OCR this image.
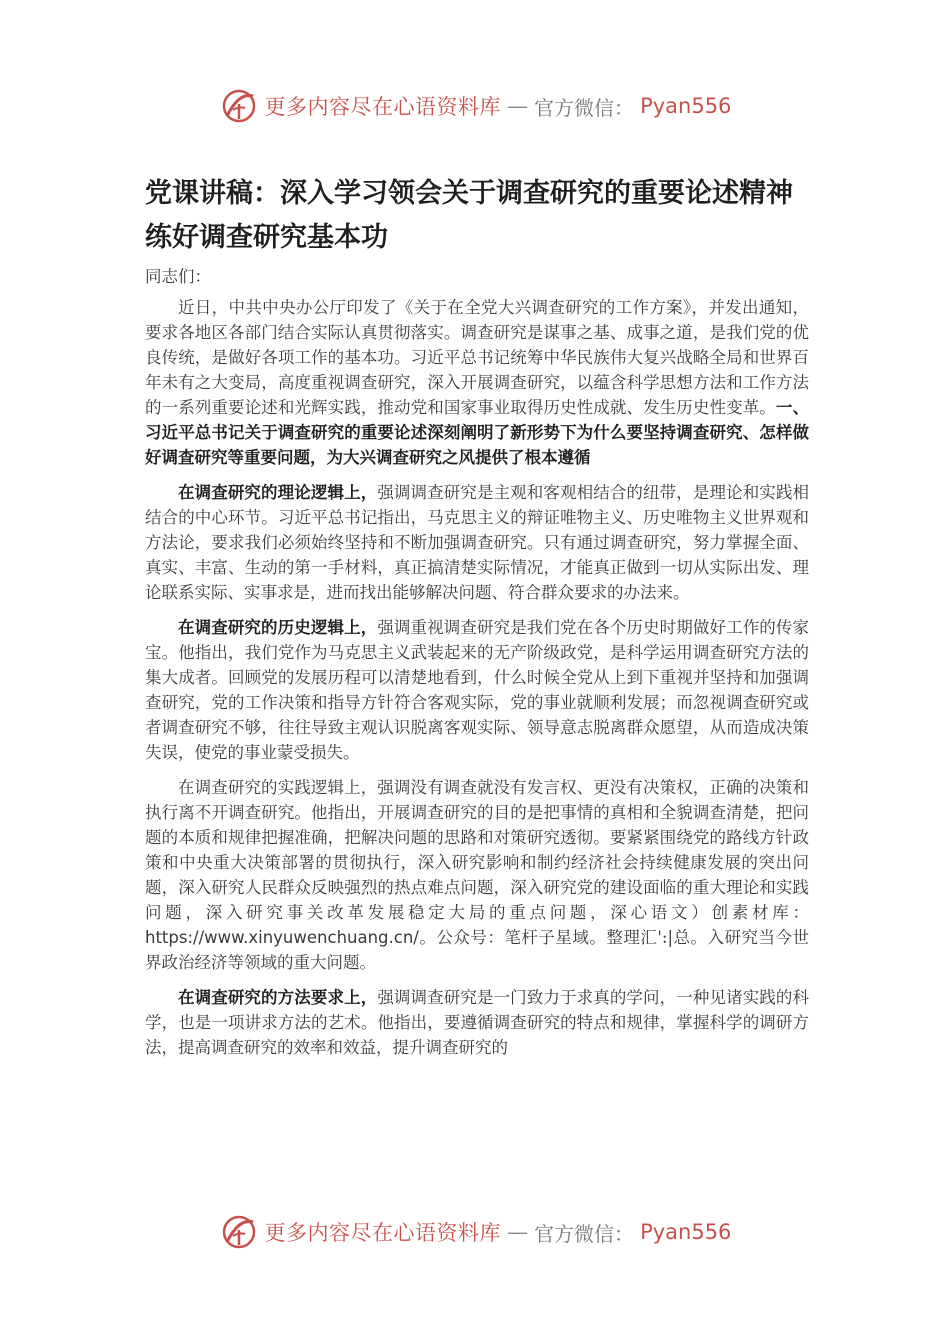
更多内容尽在心语资料库 — 官方微信： Pyan556
党课讲稿：深入学习领会关于调查研究的重要论述精神 练好调查研究基本功

同志们：

近日，中共中央办公厅印发了《关于在全党大兴调查研究的工作方案》，并发出通知，要求各地区各部门结合实际认真贯彻落实。调查研究是谋事之基、成事之道，是我们党的优良传统，是做好各项工作的基本功。习近平总书记统筹中华民族伟大复兴战略全局和世界百年未有之大变局，高度重视调查研究，深入开展调查研究，以蕴含科学思想方法和工作方法的一系列重要论述和光辉实践，推动党和国家事业取得历史性成就、发生历史性变革。一、习近平总书记关于调查研究的重要论述深刻阐明了新形势下为什么要坚持调查研究、怎样做好调查研究等重要问题，为大兴调查研究之风提供了根本遵循

在调查研究的理论逻辑上，强调调查研究是主观和客观相结合的纽带，是理论和实践相结合的中心环节。习近平总书记指出，马克思主义的辩证唯物主义、历史唯物主义世界观和方法论，要求我们必须始终坚持和不断加强调查研究。只有通过调查研究，努力掌握全面、真实、丰富、生动的第一手材料，真正搞清楚实际情况，才能真正做到一切从实际出发、理论联系实际、实事求是，进而找出能够解决问题、符合群众要求的办法来。

在调查研究的历史逻辑上，强调重视调查研究是我们党在各个历史时期做好工作的传家宝。他指出，我们党作为马克思主义武装起来的无产阶级政党，是科学运用调查研究方法的集大成者。回顾党的发展历程可以清楚地看到，什么时候全党从上到下重视并坚持和加强调查研究，党的工作决策和指导方针符合客观实际，党的事业就顺利发展；而忽视调查研究或者调查研究不够，往往导致主观认识脱离客观实际、领导意志脱离群众愿望，从而造成决策失误，使党的事业蒙受损失。

在调查研究的实践逻辑上，强调没有调查就没有发言权、更没有决策权，正确的决策和执行离不开调查研究。他指出，开展调查研究的目的是把事情的真相和全貌调查清楚，把问题的本质和规律把握准确，把解决问题的思路和对策研究透彻。要紧紧围绕党的路线方针政策和中央重大决策部署的贯彻执行，深入研究影响和制约经济社会持续健康发展的突出问题，深入研究人民群众反映强烈的热点难点问题，深入研究党的建设面临的重大理论和实践问题，深入研究事关改革发展稳定大局的重点问题，深心语文）创素材库：https://www.xinyuwenchuang.cn/。公众号：笔杆子星域。整理汇':|总。入研究当今世界政治经济等领域的重大问题。

在调查研究的方法要求上，强调调查研究是一门致力于求真的学问，一种见诸实践的科学，也是一项讲求方法的艺术。他指出，要遵循调查研究的特点和规律，掌握科学的调研方法，提高调查研究的效率和效益，提升调查研究的

更多内容尽在心语资料库 — 官方微信： Pyan556
